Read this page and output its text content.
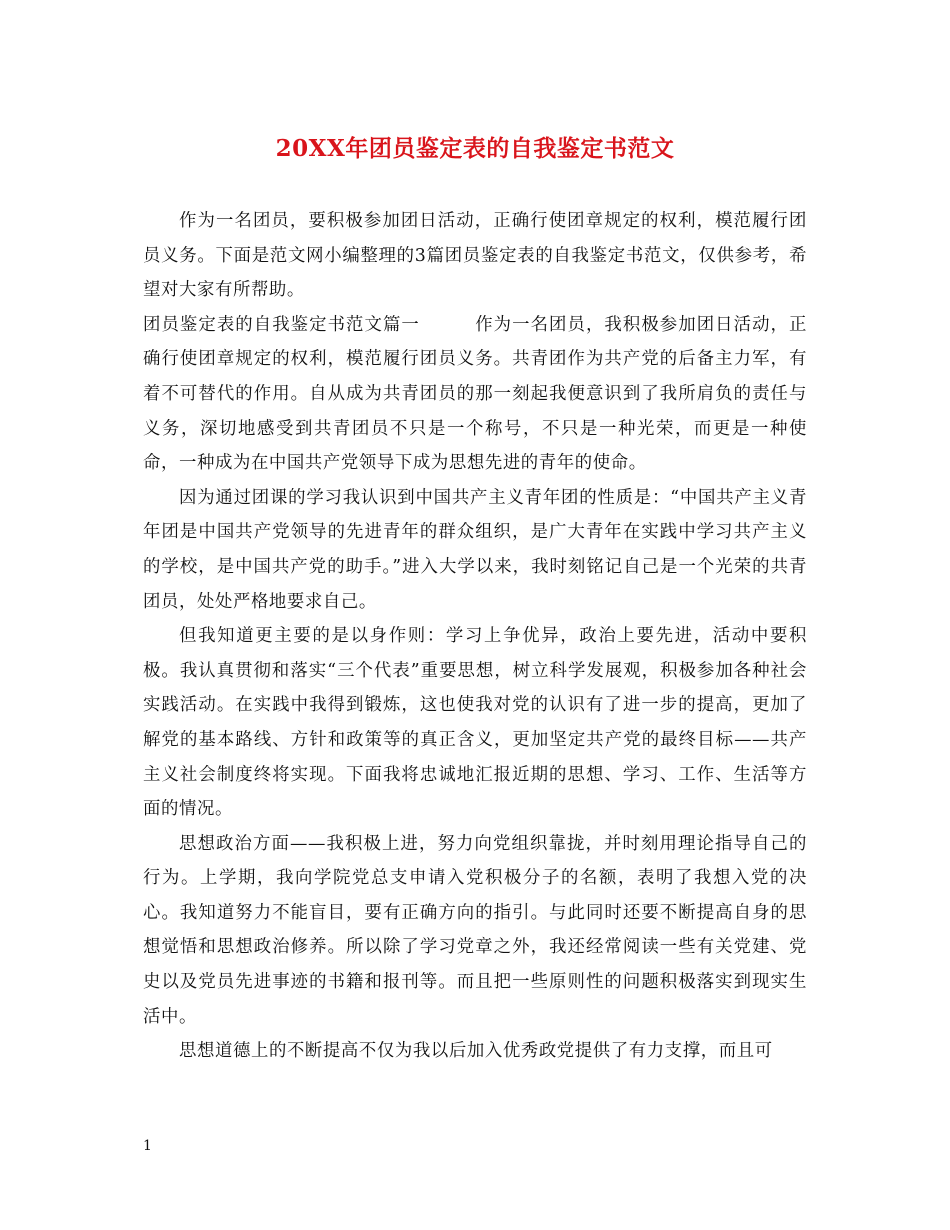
20XX年团员鉴定表的自我鉴定书范文

作为一名团员，要积极参加团日活动，正确行使团章规定的权利，模范履行团员义务。下面是范文网小编整理的3篇团员鉴定表的自我鉴定书范文，仅供参考，希望对大家有所帮助。

团员鉴定表的自我鉴定书范文篇一　　　作为一名团员，我积极参加团日活动，正确行使团章规定的权利，模范履行团员义务。共青团作为共产党的后备主力军，有着不可替代的作用。自从成为共青团员的那一刻起我便意识到了我所肩负的责任与义务，深切地感受到共青团员不只是一个称号，不只是一种光荣，而更是一种使命，一种成为在中国共产党领导下成为思想先进的青年的使命。

因为通过团课的学习我认识到中国共产主义青年团的性质是：“中国共产主义青年团是中国共产党领导的先进青年的群众组织，是广大青年在实践中学习共产主义的学校，是中国共产党的助手。”进入大学以来，我时刻铭记自己是一个光荣的共青团员，处处严格地要求自己。

但我知道更主要的是以身作则：学习上争优异，政治上要先进，活动中要积极。我认真贯彻和落实“三个代表”重要思想，树立科学发展观，积极参加各种社会实践活动。在实践中我得到锻炼，这也使我对党的认识有了进一步的提高，更加了解党的基本路线、方针和政策等的真正含义，更加坚定共产党的最终目标——共产主义社会制度终将实现。下面我将忠诚地汇报近期的思想、学习、工作、生活等方面的情况。

思想政治方面——我积极上进，努力向党组织靠拢，并时刻用理论指导自己的行为。上学期，我向学院党总支申请入党积极分子的名额，表明了我想入党的决心。我知道努力不能盲目，要有正确方向的指引。与此同时还要不断提高自身的思想觉悟和思想政治修养。所以除了学习党章之外，我还经常阅读一些有关党建、党史以及党员先进事迹的书籍和报刊等。而且把一些原则性的问题积极落实到现实生活中。

思想道德上的不断提高不仅为我以后加入优秀政党提供了有力支撑，而且可

1
